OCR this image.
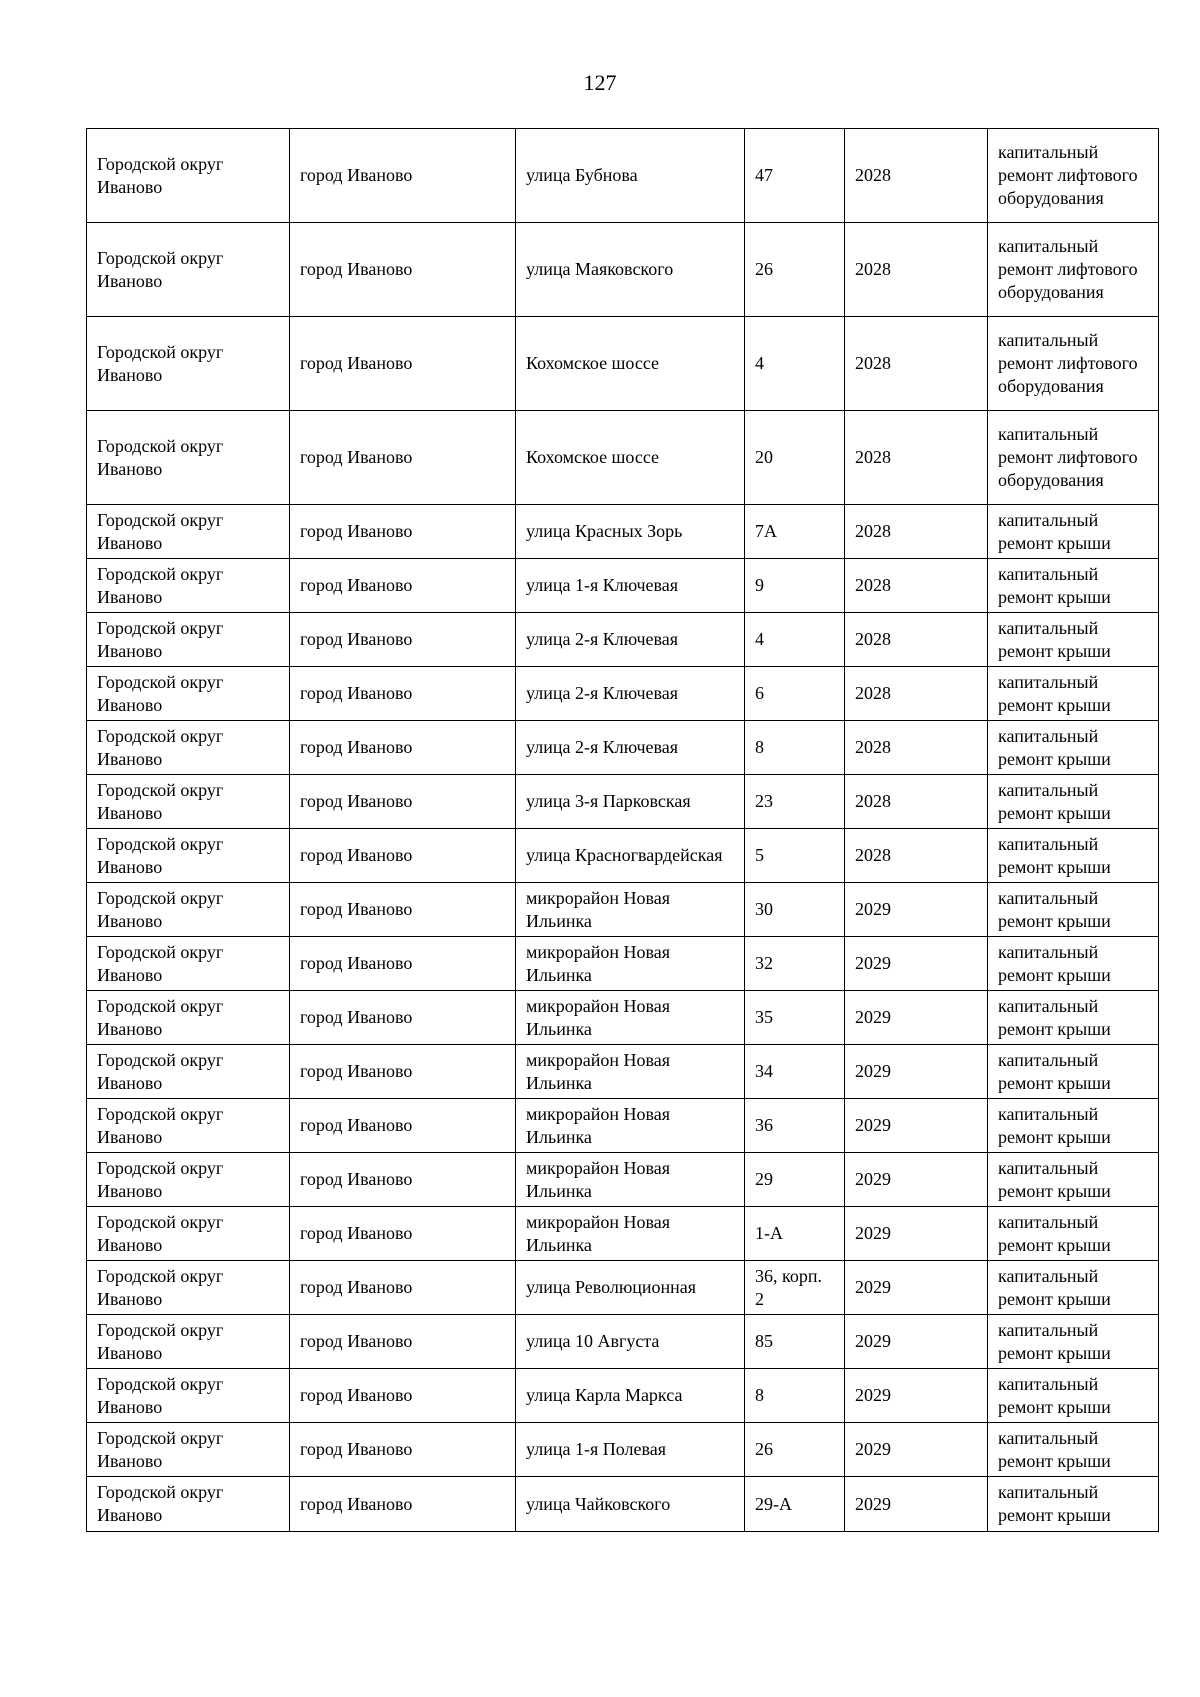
127
Городской округ Иваново	город Иваново	улица Бубнова	47	2028	капитальный ремонт лифтового оборудования
Городской округ Иваново	город Иваново	улица Маяковского	26	2028	капитальный ремонт лифтового оборудования
Городской округ Иваново	город Иваново	Кохомское шоссе	4	2028	капитальный ремонт лифтового оборудования
Городской округ Иваново	город Иваново	Кохомское шоссе	20	2028	капитальный ремонт лифтового оборудования
Городской округ Иваново	город Иваново	улица Красных Зорь	7А	2028	капитальный ремонт крыши
Городской округ Иваново	город Иваново	улица 1-я Ключевая	9	2028	капитальный ремонт крыши
Городской округ Иваново	город Иваново	улица 2-я Ключевая	4	2028	капитальный ремонт крыши
Городской округ Иваново	город Иваново	улица 2-я Ключевая	6	2028	капитальный ремонт крыши
Городской округ Иваново	город Иваново	улица 2-я Ключевая	8	2028	капитальный ремонт крыши
Городской округ Иваново	город Иваново	улица 3-я Парковская	23	2028	капитальный ремонт крыши
Городской округ Иваново	город Иваново	улица Красногвардейская	5	2028	капитальный ремонт крыши
Городской округ Иваново	город Иваново	микрорайон Новая Ильинка	30	2029	капитальный ремонт крыши
Городской округ Иваново	город Иваново	микрорайон Новая Ильинка	32	2029	капитальный ремонт крыши
Городской округ Иваново	город Иваново	микрорайон Новая Ильинка	35	2029	капитальный ремонт крыши
Городской округ Иваново	город Иваново	микрорайон Новая Ильинка	34	2029	капитальный ремонт крыши
Городской округ Иваново	город Иваново	микрорайон Новая Ильинка	36	2029	капитальный ремонт крыши
Городской округ Иваново	город Иваново	микрорайон Новая Ильинка	29	2029	капитальный ремонт крыши
Городской округ Иваново	город Иваново	микрорайон Новая Ильинка	1-А	2029	капитальный ремонт крыши
Городской округ Иваново	город Иваново	улица Революционная	36, корп. 2	2029	капитальный ремонт крыши
Городской округ Иваново	город Иваново	улица 10 Августа	85	2029	капитальный ремонт крыши
Городской округ Иваново	город Иваново	улица Карла Маркса	8	2029	капитальный ремонт крыши
Городской округ Иваново	город Иваново	улица 1-я Полевая	26	2029	капитальный ремонт крыши
Городской округ Иваново	город Иваново	улица Чайковского	29-А	2029	капитальный ремонт крыши
